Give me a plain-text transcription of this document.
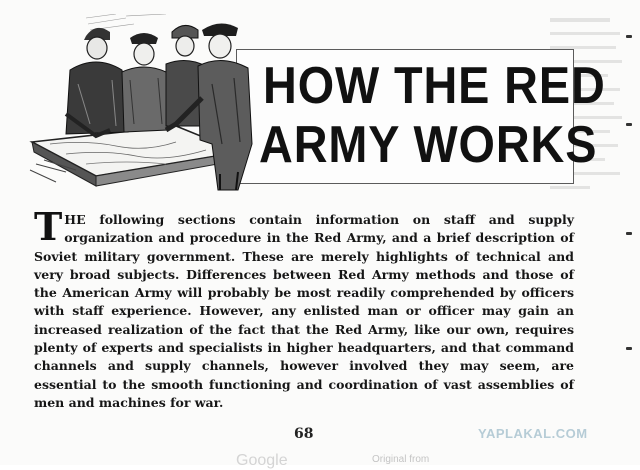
HOW THE RED
ARMY WORKS
THE following sections contain information on staff and supply organization and procedure in the Red Army, and a brief description of Soviet military government. These are merely highlights of technical and very broad subjects. Differences between Red Army methods and those of the American Army will probably be most readily comprehended by officers with staff experience. However, any enlisted man or officer may gain an increased realization of the fact that the Red Army, like our own, requires plenty of experts and specialists in higher headquarters, and that command channels and supply channels, however involved they may seem, are essential to the smooth functioning and coordination of vast assemblies of men and machines for war.
68	YAPLAKAL.COM
Google	Original from
